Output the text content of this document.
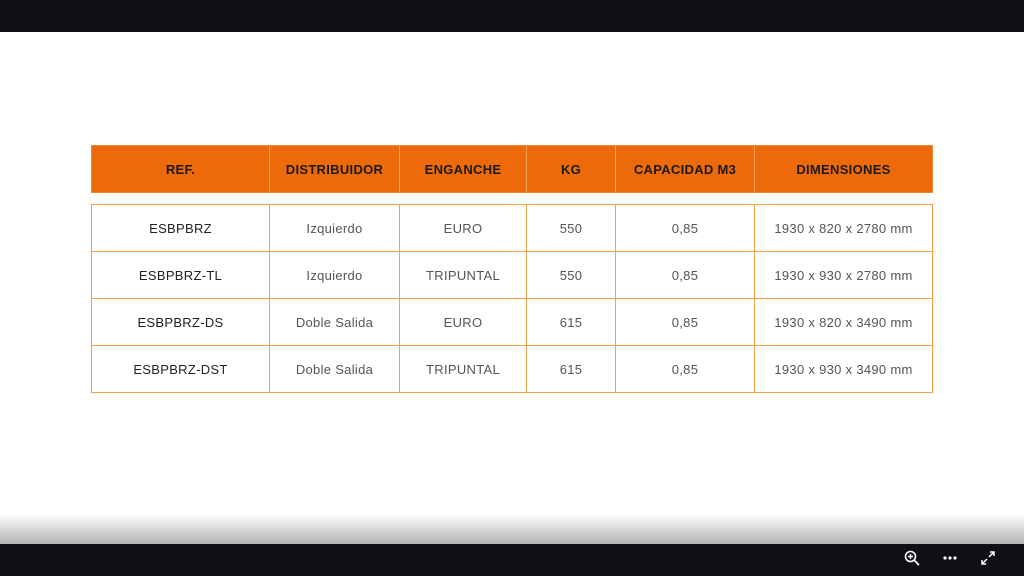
REF.	DISTRIBUIDOR	ENGANCHE	KG	CAPACIDAD M3	DIMENSIONES
ESBPBRZ	Izquierdo	EURO	550	0,85	1930 x 820 x 2780 mm
ESBPBRZ-TL	Izquierdo	TRIPUNTAL	550	0,85	1930 x 930 x 2780 mm
ESBPBRZ-DS	Doble Salida	EURO	615	0,85	1930 x 820 x 3490 mm
ESBPBRZ-DST	Doble Salida	TRIPUNTAL	615	0,85	1930 x 930 x 3490 mm
